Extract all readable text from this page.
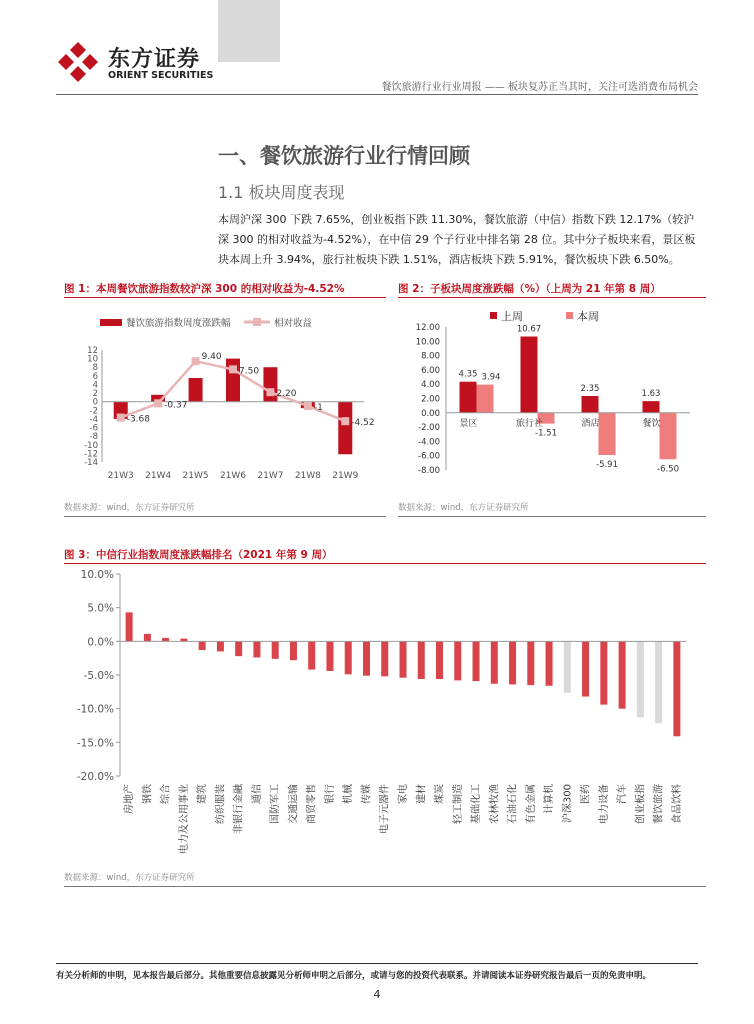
东方证券
ORIENT SECURITIES
餐饮旅游行业行业周报 —— 板块复苏正当其时，关注可选消费布局机会
一、餐饮旅游行业行情回顾
1.1 板块周度表现
本周沪深 300 下跌 7.65%，创业板指下跌 11.30%，餐饮旅游（中信）指数下跌 12.17%（较沪深 300 的相对收益为-4.52%），在中信 29 个子行业中排名第 28 位。其中分子板块来看，景区板块本周上升 3.94%，旅行社板块下跌 1.51%，酒店板块下跌 5.91%，餐饮板块下跌 6.50%。
图 1：本周餐饮旅游指数较沪深 300 的相对收益为-4.52%
餐饮旅游指数周度涨跌幅	相对收益
12
10
8
6
4
2
0
-2
-4
-6
-8
-10
-12
-14
-3.68
-0.37
9.40
7.50
2.20
-1
-4.52
21W3 21W4 21W5 21W6 21W7 21W8 21W9
数据来源：wind，东方证券研究所
图 2：子板块周度涨跌幅（%）（上周为 21 年第 8 周）
上周	本周
12.00
10.00
8.00
6.00
4.00
2.00
0.00
-2.00
-4.00
-6.00
-8.00
4.35 3.94
景区
10.67
-1.51
旅行社
2.35
-5.91
酒店
1.63
-6.50
餐饮
数据来源：wind，东方证券研究所
图 3：中信行业指数周度涨跌幅排名（2021 年第 9 周）
10.0%
5.0%
0.0%
-5.0%
-10.0%
-15.0%
-20.0%
房地产 钢铁 综合 电力及公用事业 建筑 纺织服装 非银行金融 通信 国防军工 交通运输 商贸零售 银行 机械 传媒 电子元器件 家电 建材 煤炭 轻工制造 基础化工 农林牧渔 石油石化 有色金属 计算机 沪深300 医药 电力设备 汽车 创业板指 餐饮旅游 食品饮料
数据来源：wind，东方证券研究所
有关分析师的申明，见本报告最后部分。其他重要信息披露见分析师申明之后部分，或请与您的投资代表联系。并请阅读本证券研究报告最后一页的免责申明。
4
